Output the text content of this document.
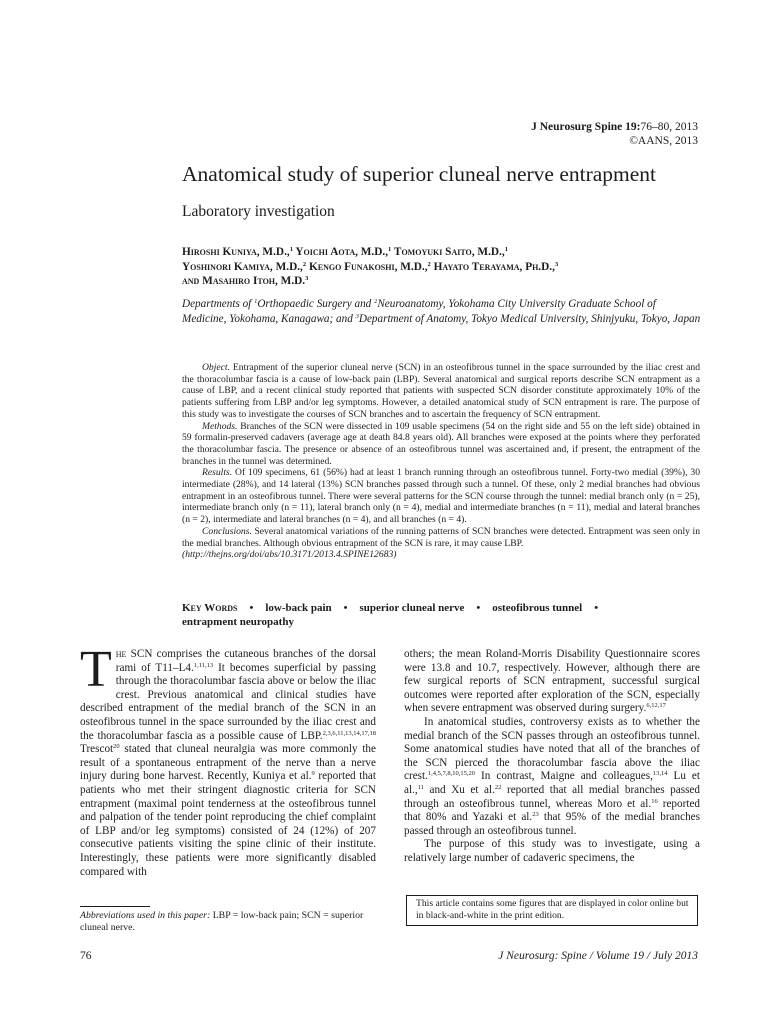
J Neurosurg Spine 19:76–80, 2013
©AANS, 2013
Anatomical study of superior cluneal nerve entrapment
Laboratory investigation

Hiroshi Kuniya, M.D.,$^1$ Yoichi Aota, M.D.,$^1$ Tomoyuki Saito, M.D.,$^1$

Yoshinori Kamiya, M.D.,$^2$ Kengo Funakoshi, M.D.,$^2$ Hayato Terayama, Ph.D.,$^3$

and Masahiro Itoh, M.D.$^3$

Departments of $^1$Orthopaedic Surgery and $^2$Neuroanatomy, Yokohama City University Graduate School of Medicine, Yokohama, Kanagawa; and $^3$Department of Anatomy, Tokyo Medical University, Shinjyuku, Tokyo, Japan

Object. Entrapment of the superior cluneal nerve (SCN) in an osteofibrous tunnel in the space surrounded by the iliac crest and the thoracolumbar fascia is a cause of low-back pain (LBP). Several anatomical and surgical reports describe SCN entrapment as a cause of LBP, and a recent clinical study reported that patients with suspected SCN disorder constitute approximately 10% of the patients suffering from LBP and/or leg symptoms. However, a detailed anatomical study of SCN entrapment is rare. The purpose of this study was to investigate the courses of SCN branches and to ascertain the frequency of SCN entrapment.

Methods. Branches of the SCN were dissected in 109 usable specimens (54 on the right side and 55 on the left side) obtained in 59 formalin-preserved cadavers (average age at death 84.8 years old). All branches were exposed at the points where they perforated the thoracolumbar fascia. The presence or absence of an osteofibrous tunnel was ascertained and, if present, the entrapment of the branches in the tunnel was determined.

Results. Of 109 specimens, 61 (56%) had at least 1 branch running through an osteofibrous tunnel. Forty-two medial (39%), 30 intermediate (28%), and 14 lateral (13%) SCN branches passed through such a tunnel. Of these, only 2 medial branches had obvious entrapment in an osteofibrous tunnel. There were several patterns for the SCN course through the tunnel: medial branch only (n = 25), intermediate branch only (n = 11), lateral branch only (n = 4), medial and intermediate branches (n = 11), medial and lateral branches (n = 2), intermediate and lateral branches (n = 4), and all branches (n = 4).

Conclusions. Several anatomical variations of the running patterns of SCN branches were detected. Entrapment was seen only in the medial branches. Although obvious entrapment of the SCN is rare, it may cause LBP.

(http://thejns.org/doi/abs/10.3171/2013.4.SPINE12683)

Key Words • low-back pain • superior cluneal nerve • osteofibrous tunnel •
entrapment neuropathy

The SCN comprises the cutaneous branches of the dorsal rami of T11–L4.$^{1,11,13}$ It becomes superficial by passing through the thoracolumbar fascia above or below the iliac crest. Previous anatomical and clinical studies have described entrapment of the medial branch of the SCN in an osteofibrous tunnel in the space surrounded by the iliac crest and the thoracolumbar fascia as a possible cause of LBP.$^{2,3,6,11,13,14,17,18}$ Trescot$^{20}$ stated that cluneal neuralgia was more commonly the result of a spontaneous entrapment of the nerve than a nerve injury during bone harvest. Recently, Kuniya et al.$^9$ reported that patients who met their stringent diagnostic criteria for SCN entrapment (maximal point tenderness at the osteofibrous tunnel and palpation of the tender point reproducing the chief complaint of LBP and/or leg symptoms) consisted of 24 (12%) of 207 consecutive patients visiting the spine clinic of their institute. Interestingly, these patients were more significantly disabled compared with

others; the mean Roland-Morris Disability Questionnaire scores were 13.8 and 10.7, respectively. However, although there are few surgical reports of SCN entrapment, successful surgical outcomes were reported after exploration of the SCN, especially when severe entrapment was observed during surgery.$^{6,12,17}$

In anatomical studies, controversy exists as to whether the medial branch of the SCN passes through an osteofibrous tunnel. Some anatomical studies have noted that all of the branches of the SCN pierced the thoracolumbar fascia above the iliac crest.$^{1,4,5,7,8,10,15,20}$ In contrast, Maigne and colleagues,$^{13,14}$ Lu et al.,$^{11}$ and Xu et al.$^{22}$ reported that all medial branches passed through an osteofibrous tunnel, whereas Moro et al.$^{16}$ reported that 80% and Yazaki et al.$^{23}$ that 95% of the medial branches passed through an osteofibrous tunnel.

The purpose of this study was to investigate, using a relatively large number of cadaveric specimens, the

Abbreviations used in this paper: LBP = low-back pain; SCN = superior cluneal nerve.
This article contains some figures that are displayed in color online but in black-and-white in the print edition.
76	J Neurosurg: Spine / Volume 19 / July 2013
